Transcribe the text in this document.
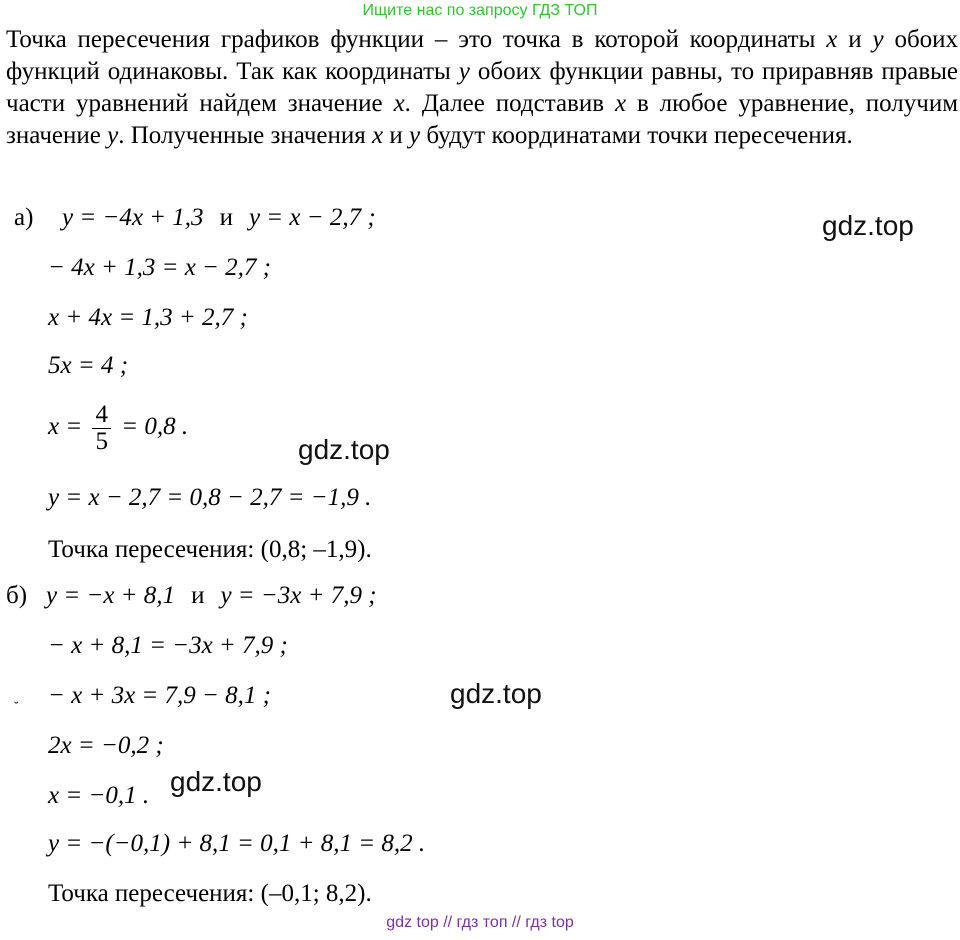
Ищите нас по запросу ГДЗ ТОП

Точка пересечения графиков функции – это точка в которой координаты x и y обоих функций одинаковы. Так как координаты y обоих функции равны, то приравняв правые части уравнений найдем значение x. Далее подставив x в любое уравнение, получим значение y. Полученные значения x и y будут координатами точки пересечения.

а) y = −4x + 1,3 и y = x − 2,7 ;
− 4x + 1,3 = x − 2,7 ;
x + 4x = 1,3 + 2,7 ;
5x = 4 ;
$x = \frac{4}{5} = 0,8$ .
y = x − 2,7 = 0,8 − 2,7 = −1,9 .
Точка пересечения: (0,8; –1,9).
б) y = −x + 8,1 и y = −3x + 7,9 ;
− x + 8,1 = −3x + 7,9 ;
− x + 3x = 7,9 − 8,1 ;
2x = −0,2 ;
x = −0,1 .
y = −(−0,1) + 8,1 = 0,1 + 8,1 = 8,2 .
Точка пересечения: (–0,1; 8,2).
˘
gdz.top
gdz.top
gdz.top
gdz.top
gdz top // гдз топ // гдз top
